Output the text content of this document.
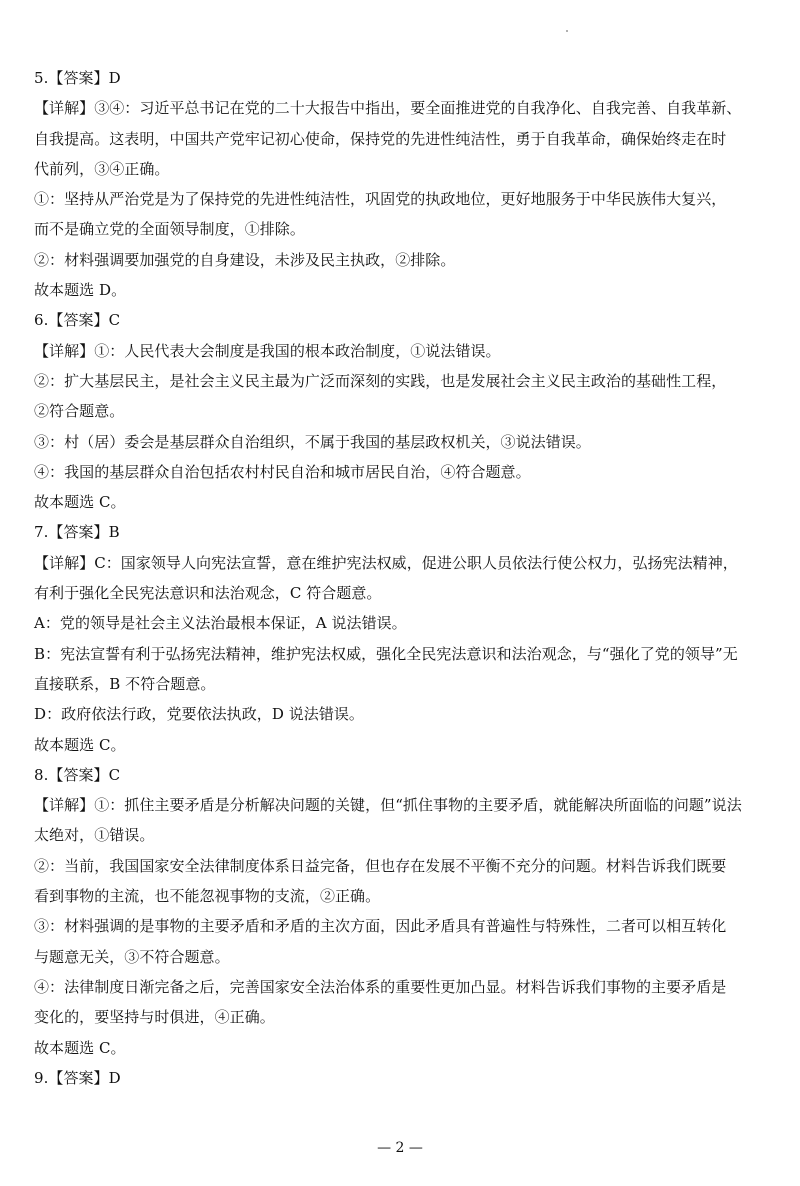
5.【答案】D

【详解】③④：习近平总书记在党的二十大报告中指出，要全面推进党的自我净化、自我完善、自我革新、

自我提高。这表明，中国共产党牢记初心使命，保持党的先进性纯洁性，勇于自我革命，确保始终走在时

代前列，③④正确。

①：坚持从严治党是为了保持党的先进性纯洁性，巩固党的执政地位，更好地服务于中华民族伟大复兴，

而不是确立党的全面领导制度，①排除。

②：材料强调要加强党的自身建设，未涉及民主执政，②排除。

故本题选 D。

6.【答案】C

【详解】①：人民代表大会制度是我国的根本政治制度，①说法错误。

②：扩大基层民主，是社会主义民主最为广泛而深刻的实践，也是发展社会主义民主政治的基础性工程，

②符合题意。

③：村（居）委会是基层群众自治组织，不属于我国的基层政权机关，③说法错误。

④：我国的基层群众自治包括农村村民自治和城市居民自治，④符合题意。

故本题选 C。

7.【答案】B

【详解】C：国家领导人向宪法宣誓，意在维护宪法权威，促进公职人员依法行使公权力，弘扬宪法精神，

有利于强化全民宪法意识和法治观念，C 符合题意。

A：党的领导是社会主义法治最根本保证，A 说法错误。

B：宪法宣誓有利于弘扬宪法精神，维护宪法权威，强化全民宪法意识和法治观念，与“强化了党的领导”无

直接联系，B 不符合题意。

D：政府依法行政，党要依法执政，D 说法错误。

故本题选 C。

8.【答案】C

【详解】①：抓住主要矛盾是分析解决问题的关键，但“抓住事物的主要矛盾，就能解决所面临的问题”说法

太绝对，①错误。

②：当前，我国国家安全法律制度体系日益完备，但也存在发展不平衡不充分的问题。材料告诉我们既要

看到事物的主流，也不能忽视事物的支流，②正确。

③：材料强调的是事物的主要矛盾和矛盾的主次方面，因此矛盾具有普遍性与特殊性，二者可以相互转化

与题意无关，③不符合题意。

④：法律制度日渐完备之后，完善国家安全法治体系的重要性更加凸显。材料告诉我们事物的主要矛盾是

变化的，要坚持与时俱进，④正确。

故本题选 C。

9.【答案】D

— 2 —
